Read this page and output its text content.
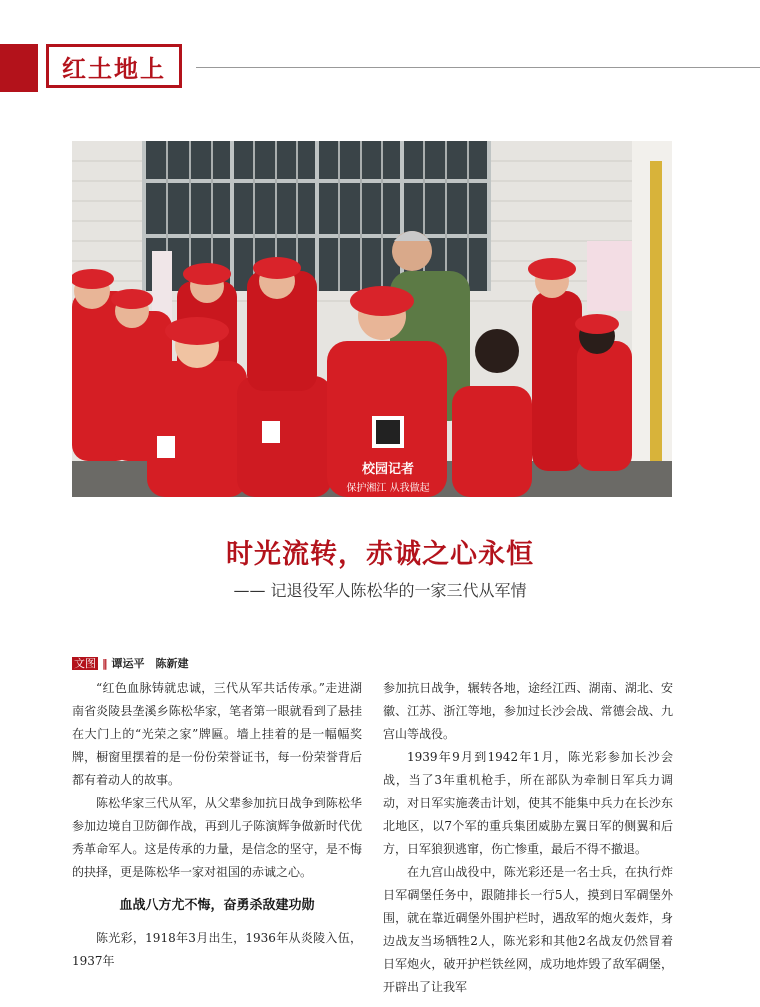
红土地上
校园记者
保护湘江 从我做起
时光流转，赤诚之心永恒
—— 记退役军人陈松华的一家三代从军情
文图 ‖ 谭运平　陈新建

“红色血脉铸就忠诚，三代从军共话传承。”走进湖南省炎陵县垄溪乡陈松华家，笔者第一眼就看到了悬挂在大门上的“光荣之家”牌匾。墙上挂着的是一幅幅奖牌，橱窗里摆着的是一份份荣誉证书，每一份荣誉背后都有着动人的故事。

陈松华家三代从军，从父辈参加抗日战争到陈松华参加边境自卫防御作战，再到儿子陈演辉争做新时代优秀革命军人。这是传承的力量，是信念的坚守，是不悔的抉择，更是陈松华一家对祖国的赤诚之心。

血战八方尤不悔，奋勇杀敌建功勋

陈光彩，1918年3月出生，1936年从炎陵入伍，1937年

参加抗日战争，辗转各地，途经江西、湖南、湖北、安徽、江苏、浙江等地，参加过长沙会战、常德会战、九宫山等战役。

1939年9月到1942年1月，陈光彩参加长沙会战，当了3年重机枪手，所在部队为牵制日军兵力调动，对日军实施袭击计划，使其不能集中兵力在长沙东北地区，以7个军的重兵集团威胁左翼日军的侧翼和后方，日军狼狈逃窜，伤亡惨重，最后不得不撤退。

在九宫山战役中，陈光彩还是一名士兵，在执行炸日军碉堡任务中，跟随排长一行5人，摸到日军碉堡外围，就在靠近碉堡外围护栏时，遇敌军的炮火轰炸，身边战友当场牺牲2人，陈光彩和其他2名战友仍然冒着日军炮火，破开护栏铁丝网，成功地炸毁了敌军碉堡，开辟出了让我军
